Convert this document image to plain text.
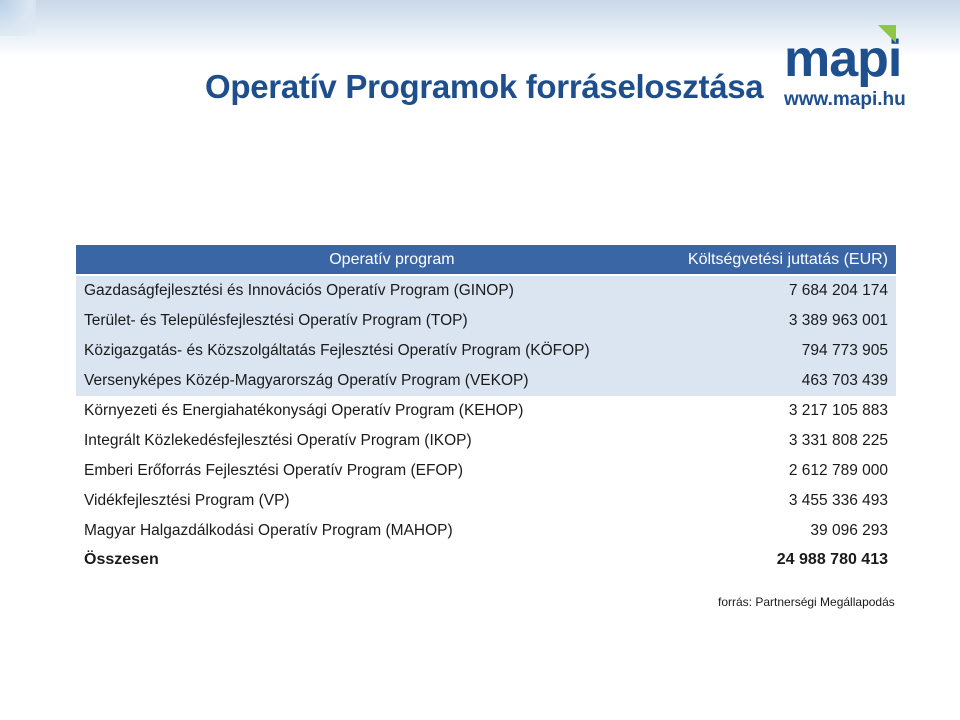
Operatív Programok forráselosztása mapi
www.mapi.hu
Operatív program	Költségvetési juttatás (EUR)
Gazdaságfejlesztési és Innovációs Operatív Program (GINOP)	7 684 204 174
Terület- és Településfejlesztési Operatív Program (TOP)	3 389 963 001
Közigazgatás- és Közszolgáltatás Fejlesztési Operatív Program (KÖFOP)	794 773 905
Versenyképes Közép-Magyarország Operatív Program (VEKOP)	463 703 439
Környezeti és Energiahatékonysági Operatív Program (KEHOP)	3 217 105 883
Integrált Közlekedésfejlesztési Operatív Program (IKOP)	3 331 808 225
Emberi Erőforrás Fejlesztési Operatív Program (EFOP)	2 612 789 000
Vidékfejlesztési Program (VP)	3 455 336 493
Magyar Halgazdálkodási Operatív Program (MAHOP)	39 096 293
Összesen	24 988 780 413
forrás: Partnerségi Megállapodás
